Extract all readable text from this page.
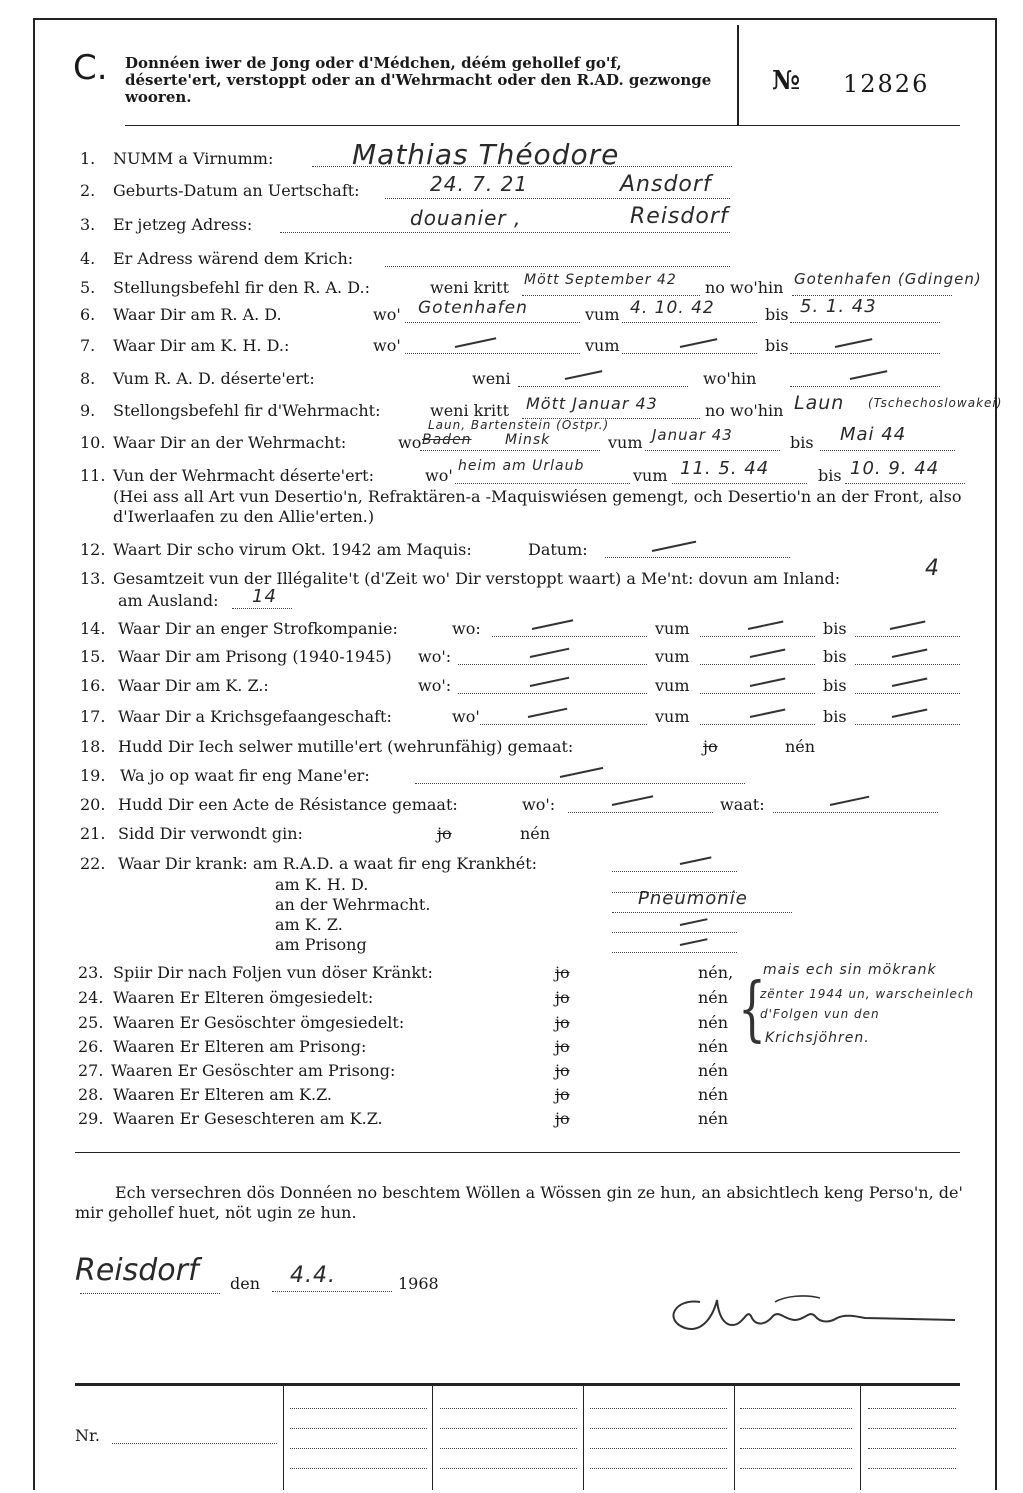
C. Donnéen iwer de Jong oder d'Médchen, déém gehollef go'f, déserte'ert, verstoppt oder an d'Wehrmacht oder den R.AD. gezwonge wooren.
№ 12826
1. NUMM a Virnumm:	Mathias Théodore
2. Geburts-Datum an Uertschaft:	24. 7. 21	Ansdorf
3. Er jetzeg Adress:	douanier ,	Reisdorf
4. Er Adress wärend dem Krich:
5. Stellungsbefehl fir den R. A. D.:	weni kritt Mött September 42 no wo'hin Gotenhafen (Gdingen)
6. Waar Dir am R. A. D.	wo' Gotenhafen	vum 4. 10. 42	bis 5. 1. 43
7. Waar Dir am K. H. D.:	wo'	vum	bis
8. Vum R. A. D. déserte'ert:	weni	wo'hin
9. Stellongsbefehl fir d'Wehrmacht:	weni kritt Mött Januar 43	no wo'hin Laun (Tschechoslowakei)
10. Waar Dir an der Wehrmacht:	wo
Laun, Bartenstein (Ostpr.)
Baden Minsk	vum Januar 43	bis Mai 44
11. Vun der Wehrmacht déserte'ert:	wo' heim am Urlaub	vum 11. 5. 44	bis 10. 9. 44
(Hei ass all Art vun Desertio'n, Refraktären-a -Maquiswiésen gemengt, och Desertio'n an der Front, also d'Iwerlaafen zu den Allie'erten.)
12. Waart Dir scho virum Okt. 1942 am Maquis:	Datum:
13. Gesamtzeit vun der Illégalite't (d'Zeit wo' Dir verstoppt waart) a Me'nt: dovun am Inland:	4
am Ausland: 14
14. Waar Dir an enger Strofkompanie:	wo:	vum	bis
15. Waar Dir am Prisong (1940-1945) wo':	vum	bis
16. Waar Dir am K. Z.:	wo':	vum	bis
17. Waar Dir a Krichsgefaangeschaft:	wo'	vum	bis
18. Hudd Dir Iech selwer mutille'ert (wehrunfähig) gemaat:	jo	nén
19. Wa jo op waat fir eng Mane'er:
20. Hudd Dir een Acte de Résistance gemaat:	wo':	waat:
21. Sidd Dir verwondt gin:	jo	nén
22. Waar Dir krank: am R.A.D. a waat fir eng Krankhét:
am K. H. D.
an der Wehrmacht.	Pneumonie
am K. Z.
am Prisong
23. Spiir Dir nach Foljen vun döser Kränkt:	jo	nén,
24. Waaren Er Elteren ömgesiedelt:	jo	nén
25. Waaren Er Gesöschter ömgesiedelt:	jo	nén
26. Waaren Er Elteren am Prisong:	jo	nén
27. Waaren Er Gesöschter am Prisong:	jo	nén
28. Waaren Er Elteren am K.Z.	jo	nén
29. Waaren Er Geseschteren am K.Z.	jo	nén
{
mais ech sin mökrank
zënter 1944 un, warscheinlech d'Folgen vun den
Krichsjöhren.
Ech versechren dös Donnéen no beschtem Wöllen a Wössen gin ze hun, an absichtlech keng Perso'n, de' mir gehollef huet, nöt ugin ze hun.
Reisdorf den 4.4.	1968
Nr.
